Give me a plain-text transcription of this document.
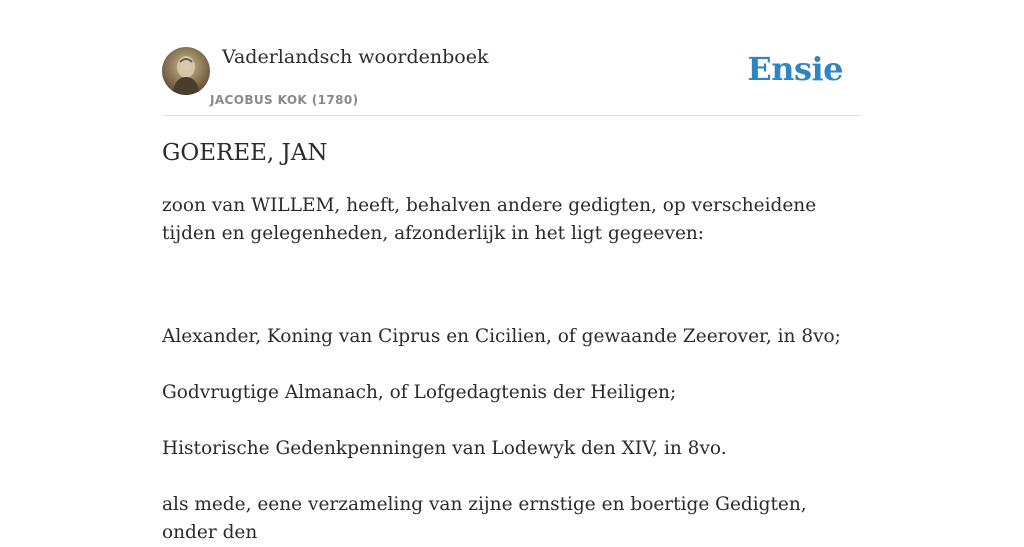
Vaderlandsch woordenboek
JACOBUS KOK (1780)
Ensie
GOEREE, JAN

zoon van WILLEM, heeft, behalven andere gedigten, op verscheidene tijden en gelegenheden, afzonderlijk in het ligt gegeeven:

Alexander, Koning van Ciprus en Cicilien, of gewaande Zeerover, in 8vo;

Godvrugtige Almanach, of Lofgedagtenis der Heiligen;

Historische Gedenkpenningen van Lodewyk den XIV, in 8vo.

als mede, eene verzameling van zijne ernstige en boertige Gedigten, onder den
